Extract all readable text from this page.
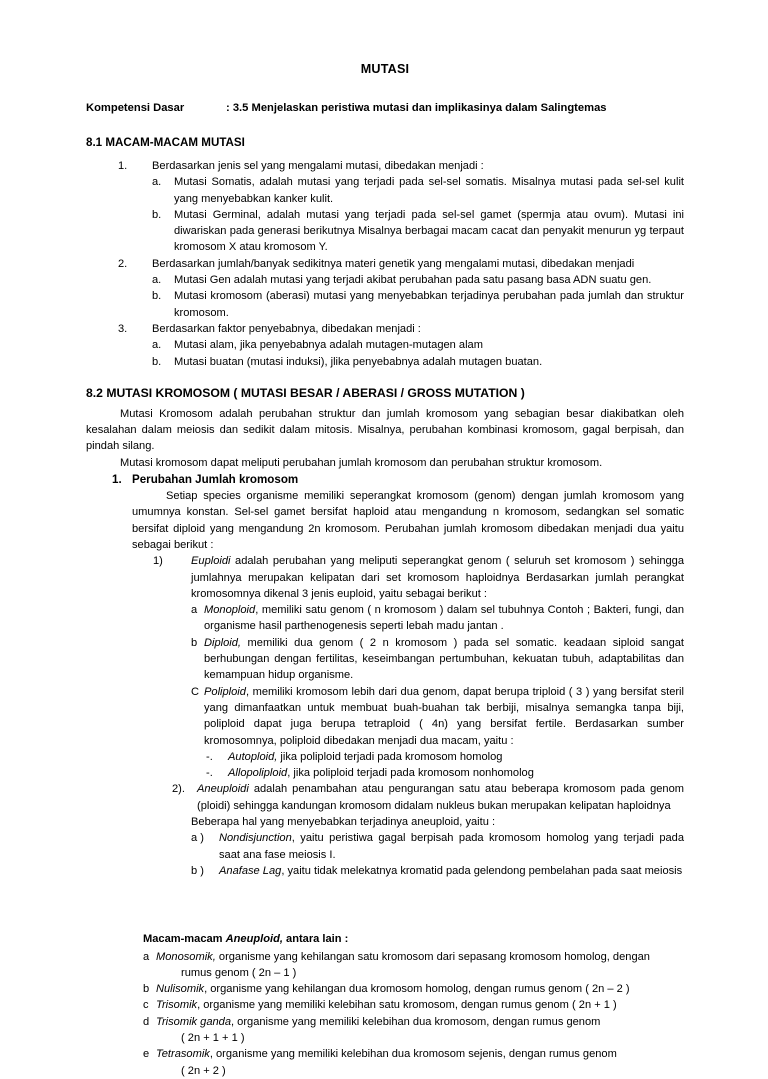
MUTASI
Kompetensi Dasar	: 3.5 Menjelaskan peristiwa mutasi dan implikasinya dalam Salingtemas
8.1 MACAM-MACAM MUTASI
1.	Berdasarkan jenis sel yang mengalami mutasi, dibedakan menjadi :
a.	Mutasi Somatis, adalah mutasi yang terjadi pada sel-sel somatis. Misalnya mutasi pada sel-sel kulit yang menyebabkan kanker kulit.
b.	Mutasi Germinal, adalah mutasi yang terjadi pada sel-sel gamet (spermja atau ovum). Mutasi ini diwariskan pada generasi berikutnya Misalnya berbagai macam cacat dan penyakit menurun yg terpaut kromosom X atau kromosom Y.
2.	Berdasarkan jumlah/banyak sedikitnya materi genetik yang mengalami mutasi, dibedakan menjadi
a.	Mutasi Gen adalah mutasi yang terjadi akibat perubahan pada satu pasang basa ADN suatu gen.
b.	Mutasi kromosom (aberasi) mutasi yang menyebabkan terjadinya perubahan pada jumlah dan struktur kromosom.
3.	Berdasarkan faktor penyebabnya, dibedakan menjadi :
a.	Mutasi alam, jika penyebabnya adalah mutagen-mutagen alam
b.	Mutasi buatan (mutasi induksi), jlika penyebabnya adalah mutagen buatan.
8.2 MUTASI KROMOSOM ( MUTASI BESAR / ABERASI / GROSS MUTATION )

Mutasi Kromosom adalah perubahan struktur dan jumlah kromosom yang sebagian besar diakibatkan oleh kesalahan dalam meiosis dan sedikit dalam mitosis. Misalnya, perubahan kombinasi kromosom, gagal berpisah, dan pindah silang.

Mutasi kromosom dapat meliputi perubahan jumlah kromosom dan perubahan struktur kromosom.

1. Perubahan Jumlah kromosom

Setiap species organisme memiliki seperangkat kromosom (genom) dengan jumlah kromosom yang umumnya konstan. Sel-sel gamet bersifat haploid atau mengandung n kromosom, sedangkan sel somatic bersifat diploid yang mengandung 2n kromosom. Perubahan jumlah kromosom dibedakan menjadi dua yaitu sebagai berikut :

1)	Euploidi adalah perubahan yang meliputi seperangkat genom ( seluruh set kromosom ) sehingga jumlahnya merupakan kelipatan dari set kromosom haploidnya Berdasarkan jumlah perangkat kromosomnya dikenal 3 jenis euploid, yaitu sebagai berikut :
a Monoploid, memiliki satu genom ( n kromosom ) dalam sel tubuhnya Contoh ; Bakteri, fungi, dan organisme hasil parthenogenesis seperti lebah madu jantan .
b Diploid, memiliki dua genom ( 2 n kromosom ) pada sel somatic. keadaan siploid sangat berhubungan dengan fertilitas, keseimbangan pertumbuhan, kekuatan tubuh, adaptabilitas dan kemampuan hidup organisme.
C Poliploid, memiliki kromosom lebih dari dua genom, dapat berupa triploid ( 3 ) yang bersifat steril yang dimanfaatkan untuk membuat buah-buahan tak berbiji, misalnya semangka tanpa biji, poliploid dapat juga berupa tetraploid ( 4n) yang bersifat fertile. Berdasarkan sumber kromosomnya, poliploid dibedakan menjadi dua macam, yaitu :
-.	Autoploid, jika poliploid terjadi pada kromosom homolog
-.	Allopoliploid, jika poliploid terjadi pada kromosom nonhomolog
2).	Aneuploidi adalah penambahan atau pengurangan satu atau beberapa kromosom pada genom (ploidi) sehingga kandungan kromosom didalam nukleus bukan merupakan kelipatan haploidnya
Beberapa hal yang menyebabkan terjadinya aneuploid, yaitu :
a )	Nondisjunction, yaitu peristiwa gagal berpisah pada kromosom homolog yang terjadi pada saat ana fase meiosis I.
b )	Anafase Lag, yaitu tidak melekatnya kromatid pada gelendong pembelahan pada saat meiosis
Macam-macam Aneuploid, antara lain :
a Monosomik, organisme yang kehilangan satu kromosom dari sepasang kromosom homolog, dengan
rumus genom ( 2n – 1 )
b Nulisomik, organisme yang kehilangan dua kromosom homolog, dengan rumus genom ( 2n – 2 )
c Trisomik, organisme yang memiliki kelebihan satu kromosom, dengan rumus genom ( 2n + 1 )
d Trisomik ganda, organisme yang memiliki kelebihan dua kromosom, dengan rumus genom
( 2n + 1 + 1 )
e Tetrasomik, organisme yang memiliki kelebihan dua kromosom sejenis, dengan rumus genom
( 2n + 2 )
